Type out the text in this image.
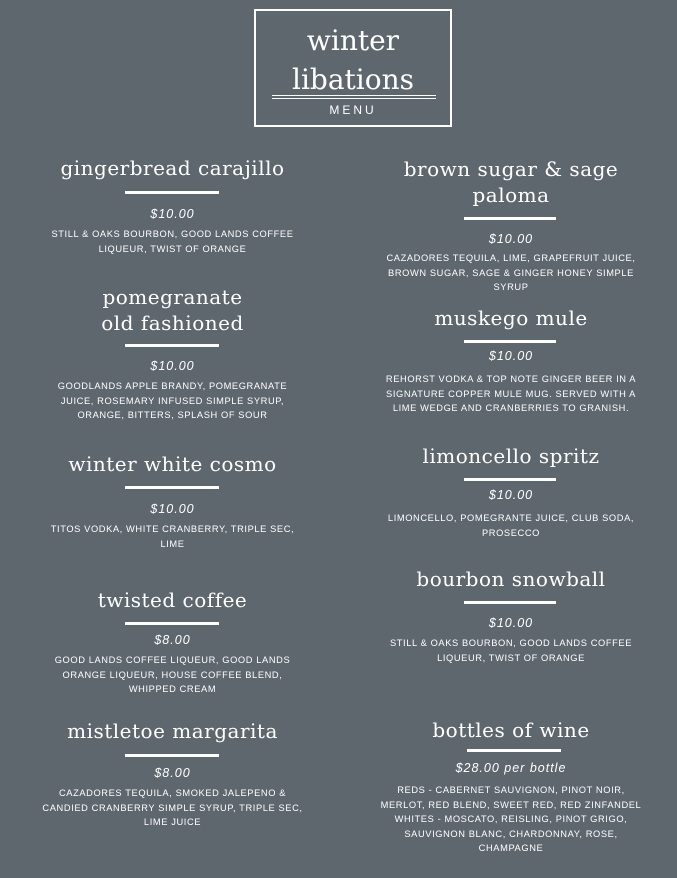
winter
libations
MENU
gingerbread carajillo
$10.00
STILL & OAKS BOURBON, GOOD LANDS COFFEE LIQUEUR, TWIST OF ORANGE
pomegranate old fashioned
$10.00
GOODLANDS APPLE BRANDY, POMEGRANATE JUICE, ROSEMARY INFUSED SIMPLE SYRUP, ORANGE, BITTERS, SPLASH OF SOUR
winter white cosmo
$10.00
TITOS VODKA, WHITE CRANBERRY, TRIPLE SEC, LIME
twisted coffee
$8.00
GOOD LANDS COFFEE LIQUEUR, GOOD LANDS ORANGE LIQUEUR, HOUSE COFFEE BLEND, WHIPPED CREAM
mistletoe margarita
$8.00
CAZADORES TEQUILA, SMOKED JALEPENO & CANDIED CRANBERRY SIMPLE SYRUP, TRIPLE SEC, LIME JUICE
brown sugar & sage paloma
$10.00
CAZADORES TEQUILA, LIME, GRAPEFRUIT JUICE, BROWN SUGAR, SAGE & GINGER HONEY SIMPLE SYRUP
muskego mule
$10.00
REHORST VODKA & TOP NOTE GINGER BEER IN A SIGNATURE COPPER MULE MUG. SERVED WITH A LIME WEDGE AND CRANBERRIES TO GRANISH.
limoncello spritz
$10.00
LIMONCELLO, POMEGRANTE JUICE, CLUB SODA, PROSECCO
bourbon snowball
$10.00
STILL & OAKS BOURBON, GOOD LANDS COFFEE LIQUEUR, TWIST OF ORANGE
bottles of wine
$28.00 per bottle
REDS - CABERNET SAUVIGNON, PINOT NOIR, MERLOT, RED BLEND, SWEET RED, RED ZINFANDEL WHITES - MOSCATO, REISLING, PINOT GRIGO, SAUVIGNON BLANC, CHARDONNAY, ROSE, CHAMPAGNE
